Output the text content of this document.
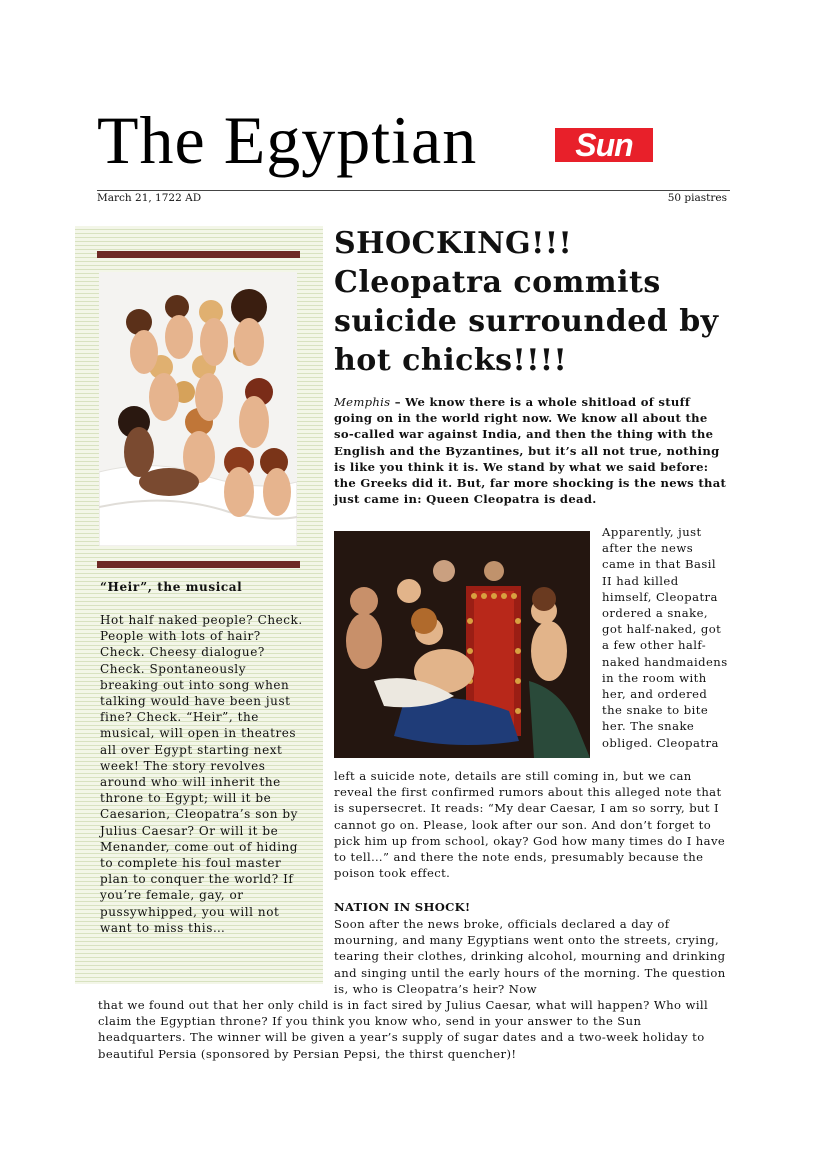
The Egyptian	Sun
March 21, 1722 AD	50 piastres
“Heir”, the musical
Hot half naked people? Check. People with lots of hair? Check. Cheesy dialogue? Check. Spontaneously breaking out into song when talking would have been just fine? Check. “Heir”, the musical, will open in theatres all over Egypt starting next week! The story revolves around who will inherit the throne to Egypt; will it be Caesarion, Cleopatra’s son by Julius Caesar? Or will it be Menander, come out of hiding to complete his foul master plan to conquer the world? If you’re female, gay, or pussywhipped, you will not want to miss this…
SHOCKING!!! Cleopatra commits suicide surrounded by hot chicks!!!!
Memphis – We know there is a whole shitload of stuff going on in the world right now. We know all about the so-called war against India, and then the thing with the English and the Byzantines, but it’s all not true, nothing is like you think it is. We stand by what we said before: the Greeks did it. But, far more shocking is the news that just came in: Queen Cleopatra is dead.
Apparently, just after the news came in that Basil II had killed himself, Cleopatra ordered a snake, got half-naked, got a few other half-naked handmaidens in the room with her, and ordered the snake to bite her. The snake obliged. Cleopatra
left a suicide note, details are still coming in, but we can reveal the first confirmed rumors about this alleged note that is supersecret. It reads: “My dear Caesar, I am so sorry, but I cannot go on. Please, look after our son. And don’t forget to pick him up from school, okay? God how many times do I have to tell…” and there the note ends, presumably because the poison took effect.
NATION IN SHOCK!
Soon after the news broke, officials declared a day of mourning, and many Egyptians went onto the streets, crying, tearing their clothes, drinking alcohol, mourning and drinking and singing until the early hours of the morning. The question is, who is Cleopatra’s heir? Now
that we found out that her only child is in fact sired by Julius Caesar, what will happen? Who will claim the Egyptian throne? If you think you know who, send in your answer to the Sun headquarters. The winner will be given a year’s supply of sugar dates and a two-week holiday to beautiful Persia (sponsored by Persian Pepsi, the thirst quencher)!
